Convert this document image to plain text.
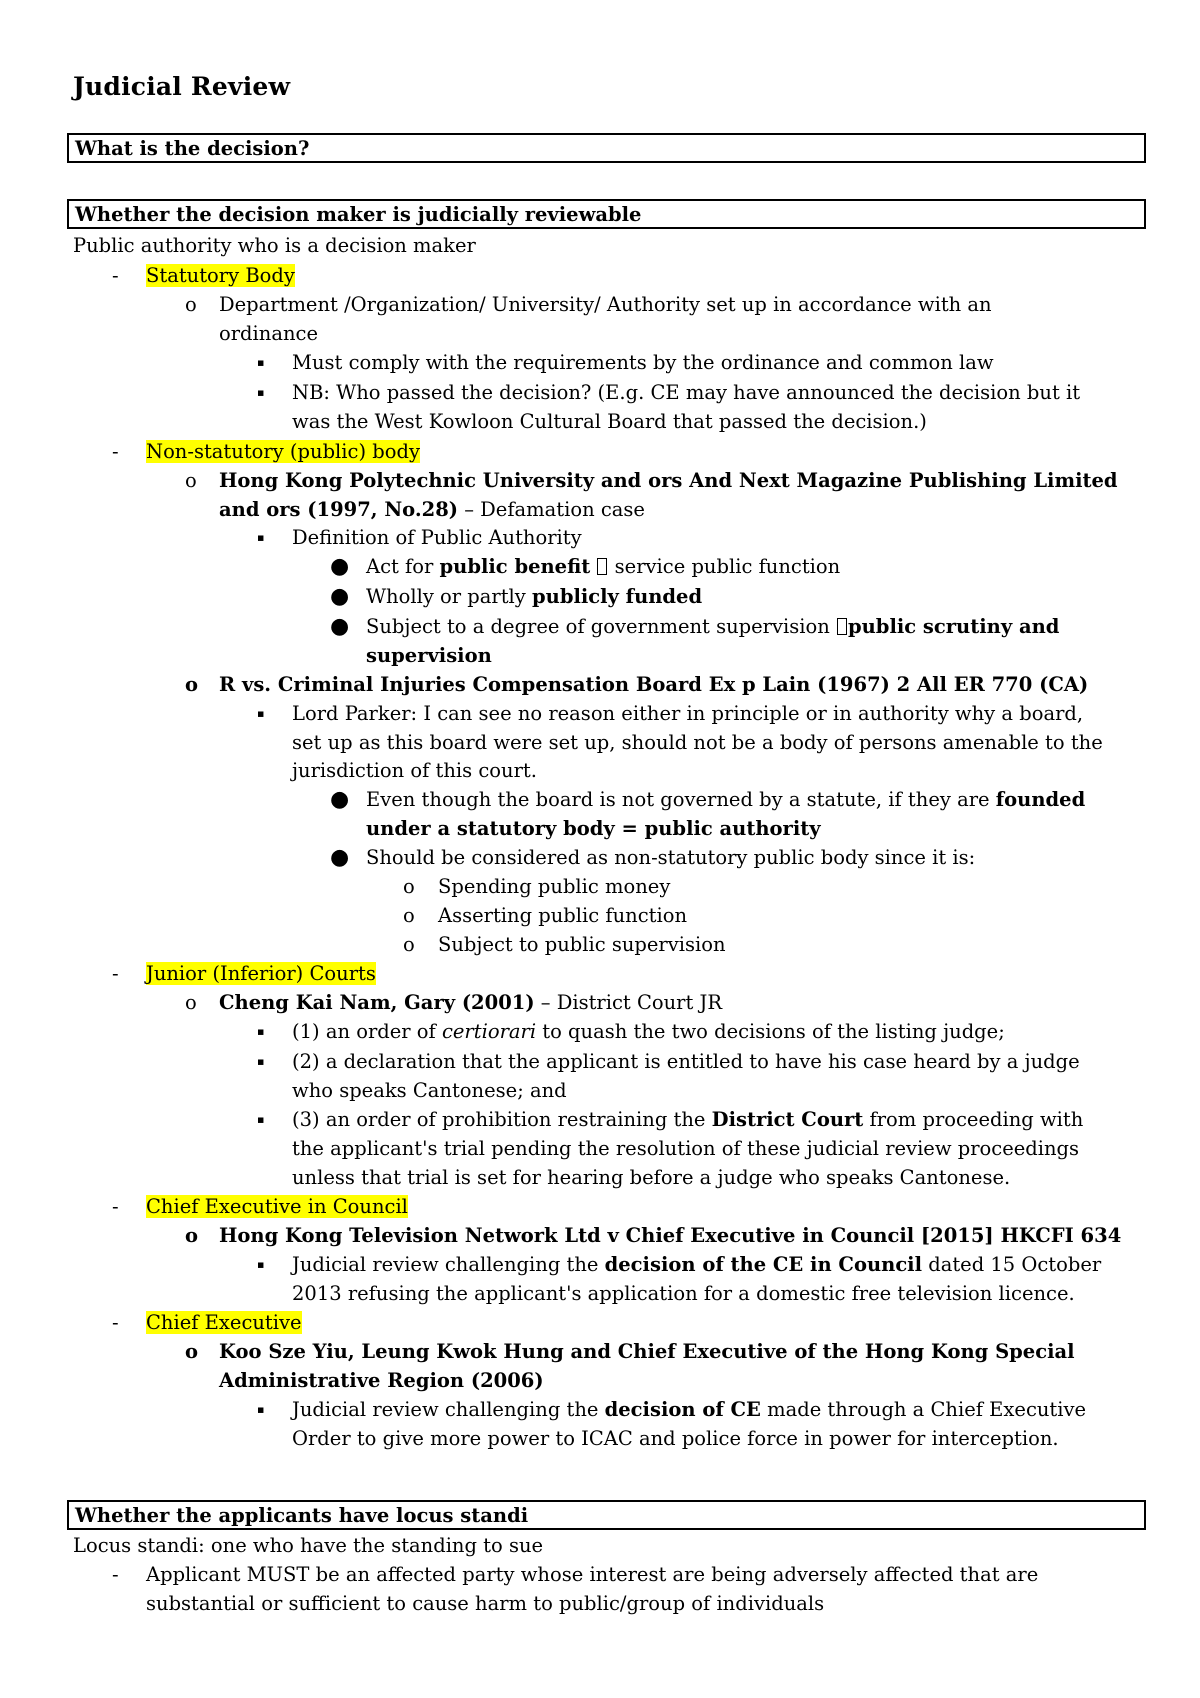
Judicial Review
What is the decision?
Whether the decision maker is judicially reviewable
Public authority who is a decision maker
- Statutory Body
o Department /Organization/ University/ Authority set up in accordance with an
ordinance
▪ Must comply with the requirements by the ordinance and common law
▪ NB: Who passed the decision? (E.g. CE may have announced the decision but it
was the West Kowloon Cultural Board that passed the decision.)
- Non-statutory (public) body
o Hong Kong Polytechnic University and ors And Next Magazine Publishing Limited
and ors (1997, No.28) – Defamation case
▪ Definition of Public Authority
● Act for public benefit  service public function
● Wholly or partly publicly funded
● Subject to a degree of government supervision public scrutiny and
supervision
o R vs. Criminal Injuries Compensation Board Ex p Lain (1967) 2 All ER 770 (CA)
▪ Lord Parker: I can see no reason either in principle or in authority why a board,
set up as this board were set up, should not be a body of persons amenable to the
jurisdiction of this court.
● Even though the board is not governed by a statute, if they are founded
under a statutory body = public authority
● Should be considered as non-statutory public body since it is:
o Spending public money
o Asserting public function
o Subject to public supervision
- Junior (Inferior) Courts
o Cheng Kai Nam, Gary (2001) – District Court JR
▪ (1) an order of certiorari to quash the two decisions of the listing judge;
▪ (2) a declaration that the applicant is entitled to have his case heard by a judge
who speaks Cantonese; and
▪ (3) an order of prohibition restraining the District Court from proceeding with
the applicant's trial pending the resolution of these judicial review proceedings
unless that trial is set for hearing before a judge who speaks Cantonese.
- Chief Executive in Council
o Hong Kong Television Network Ltd v Chief Executive in Council [2015] HKCFI 634
▪ Judicial review challenging the decision of the CE in Council dated 15 October
2013 refusing the applicant's application for a domestic free television licence.
- Chief Executive
o Koo Sze Yiu, Leung Kwok Hung and Chief Executive of the Hong Kong Special
Administrative Region (2006)
▪ Judicial review challenging the decision of CE made through a Chief Executive
Order to give more power to ICAC and police force in power for interception.
Whether the applicants have locus standi
Locus standi: one who have the standing to sue
- Applicant MUST be an affected party whose interest are being adversely affected that are
substantial or sufficient to cause harm to public/group of individuals
